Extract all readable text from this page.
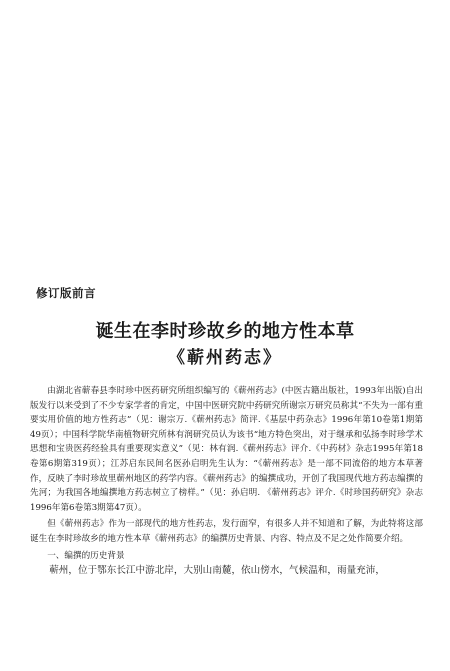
修订版前言
诞生在李时珍故乡的地方性本草
《蕲州药志》

由湖北省蕲春县李时珍中医药研究所组织编写的《蕲州药志》(中医古籍出版社，1993年出版)自出版发行以来受到了不少专家学者的肯定，中国中医研究院中药研究所谢宗万研究员称其“不失为一部有重要实用价值的地方性药志”（见：谢宗万.《蕲州药志》简评.《基层中药杂志》1996年第10卷第1期第49页）；中国科学院华南植物研究所林有润研究员认为该书“地方特色突出，对于继承和弘扬李时珍学术思想和宝贵医药经验具有重要现实意义”（见：林有润.《蕲州药志》评介.《中药材》杂志1995年第18卷第6期第319页）；江苏启东民间名医孙启明先生认为：“《蕲州药志》是一部不同流俗的地方本草著作，反映了李时珍故里蕲州地区的药学内容。《蕲州药志》的编撰成功，开创了我国现代地方药志编撰的先河；为我国各地编撰地方药志树立了榜样。”（见：孙启明. 《蕲州药志》评介.《时珍国药研究》杂志1996年第6卷第3期第47页）。

但《蕲州药志》作为一部现代的地方性药志，发行面窄，有很多人并不知道和了解，为此特将这部诞生在李时珍故乡的地方性本草《蕲州药志》的编撰历史背景、内容、特点及不足之处作简要介绍。

一、编撰的历史背景

蕲州，位于鄂东长江中游北岸，大别山南麓，依山傍水，气候温和，雨量充沛，
